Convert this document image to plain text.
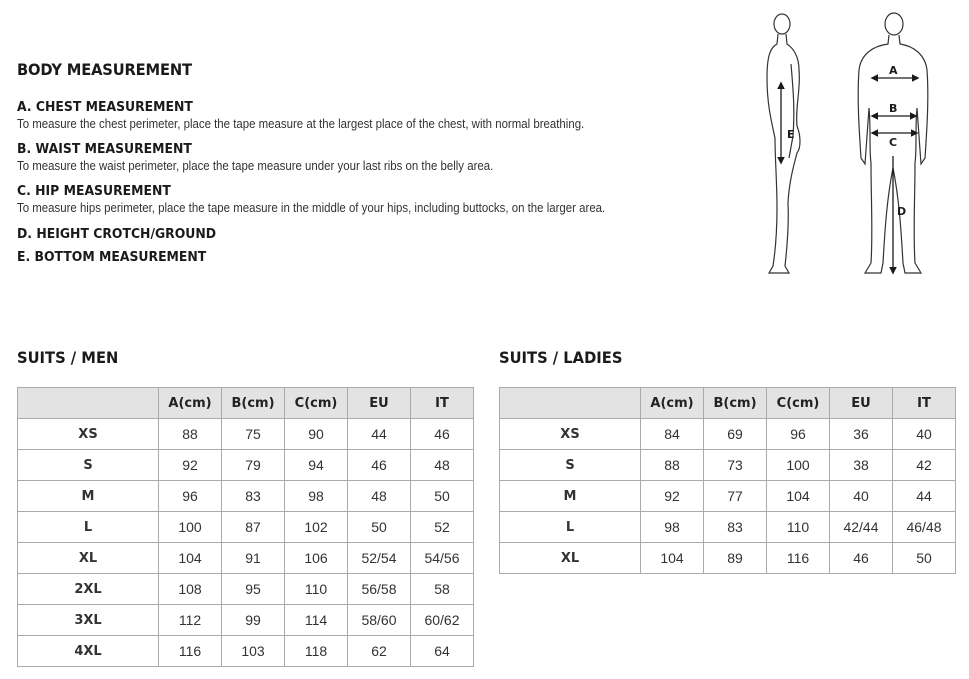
BODY MEASUREMENT
A. CHEST MEASUREMENT
To measure the chest perimeter, place the tape measure at the largest place of the chest, with normal breathing.
B. WAIST MEASUREMENT
To measure the waist perimeter, place the tape measure under your last ribs on the belly area.
C. HIP MEASUREMENT
To measure hips perimeter, place the tape measure in the middle of your hips, including buttocks, on the larger area.
D. HEIGHT CROTCH/GROUND
E. BOTTOM MEASUREMENT
A
B
C
D
E
SUITS / MEN	SUITS / LADIES
	A(cm)	B(cm)	C(cm)	EU	IT
XS	88	75	90	44	46
S	92	79	94	46	48
M	96	83	98	48	50
L	100	87	102	50	52
XL	104	91	106	52/54	54/56
2XL	108	95	110	56/58	58
3XL	112	99	114	58/60	60/62
4XL	116	103	118	62	64
	A(cm)	B(cm)	C(cm)	EU	IT
XS	84	69	96	36	40
S	88	73	100	38	42
M	92	77	104	40	44
L	98	83	110	42/44	46/48
XL	104	89	116	46	50
